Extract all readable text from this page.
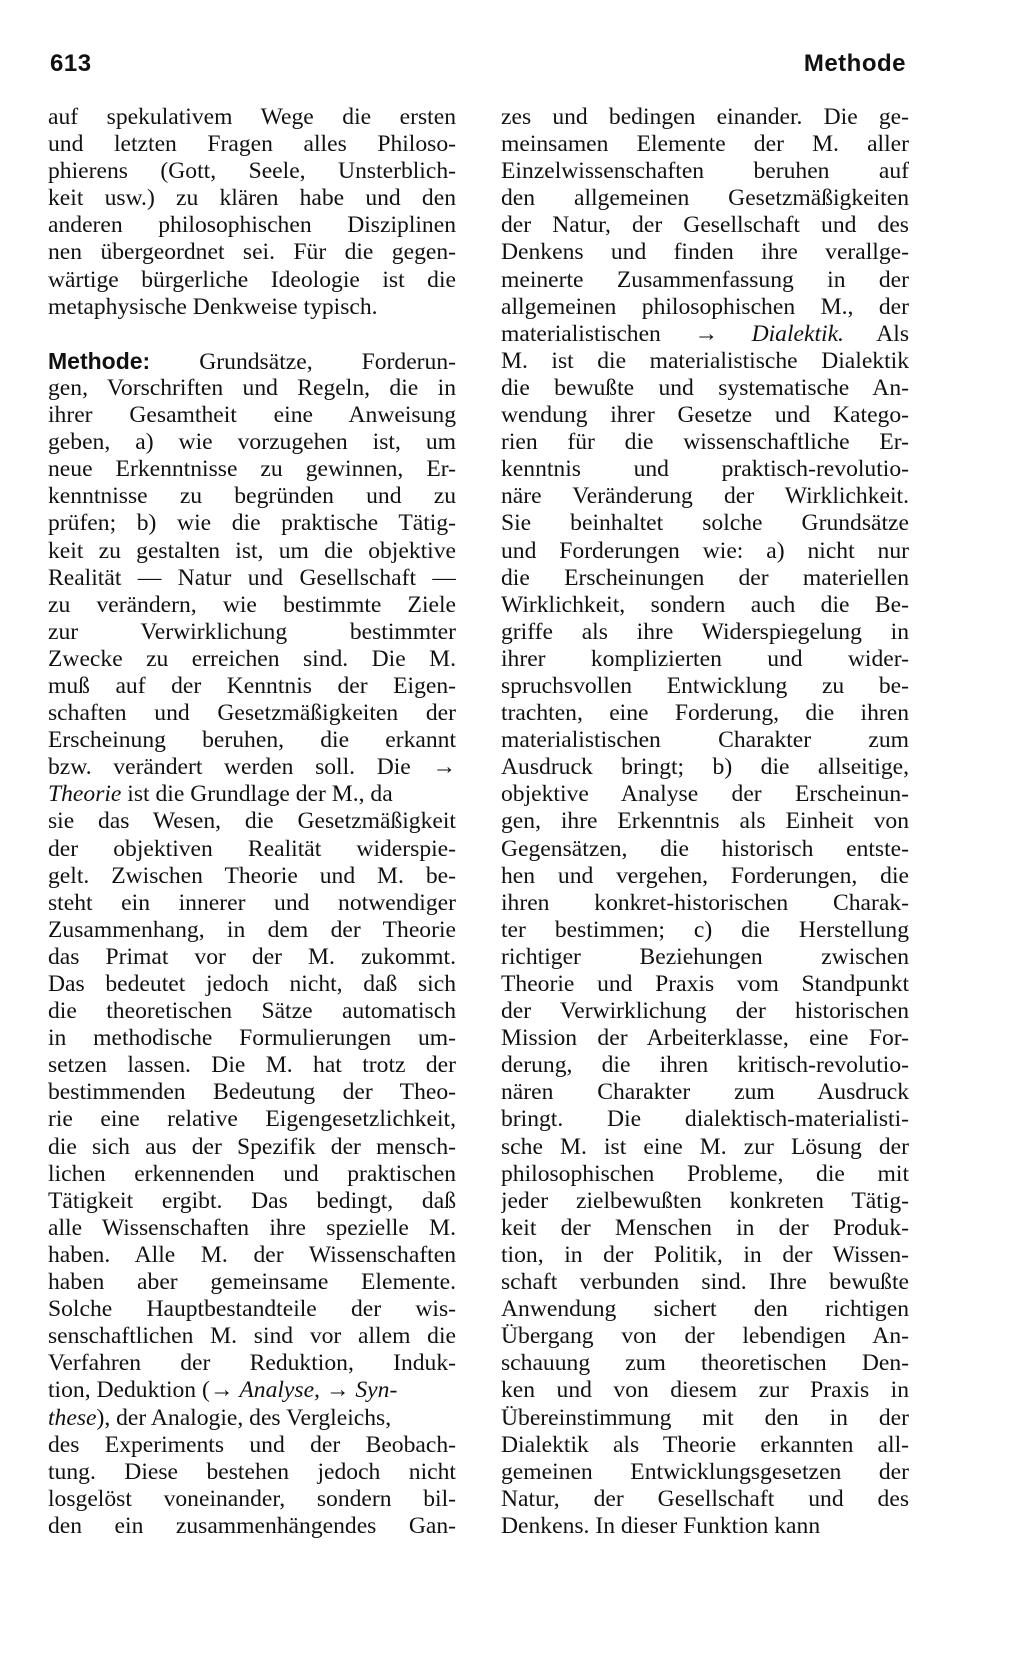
613	Methode
auf spekulativem Wege die ersten
und letzten Fragen alles Philoso-
phierens (Gott, Seele, Unsterblich-
keit usw.) zu klären habe und den
anderen philosophischen Disziplinen
nen übergeordnet sei. Für die gegen-
wärtige bürgerliche Ideologie ist die
metaphysische Denkweise typisch.
Methode: Grundsätze, Forderun-
gen, Vorschriften und Regeln, die in
ihrer Gesamtheit eine Anweisung
geben, a) wie vorzugehen ist, um
neue Erkenntnisse zu gewinnen, Er-
kenntnisse zu begründen und zu
prüfen; b) wie die praktische Tätig-
keit zu gestalten ist, um die objektive
Realität — Natur und Gesellschaft —
zu verändern, wie bestimmte Ziele
zur Verwirklichung bestimmter
Zwecke zu erreichen sind. Die M.
muß auf der Kenntnis der Eigen-
schaften und Gesetzmäßigkeiten der
Erscheinung beruhen, die erkannt
bzw. verändert werden soll. Die →
Theorie ist die Grundlage der M., da
sie das Wesen, die Gesetzmäßigkeit
der objektiven Realität widerspie-
gelt. Zwischen Theorie und M. be-
steht ein innerer und notwendiger
Zusammenhang, in dem der Theorie
das Primat vor der M. zukommt.
Das bedeutet jedoch nicht, daß sich
die theoretischen Sätze automatisch
in methodische Formulierungen um-
setzen lassen. Die M. hat trotz der
bestimmenden Bedeutung der Theo-
rie eine relative Eigengesetzlichkeit,
die sich aus der Spezifik der mensch-
lichen erkennenden und praktischen
Tätigkeit ergibt. Das bedingt, daß
alle Wissenschaften ihre spezielle M.
haben. Alle M. der Wissenschaften
haben aber gemeinsame Elemente.
Solche Hauptbestandteile der wis-
senschaftlichen M. sind vor allem die
Verfahren der Reduktion, Induk-
tion, Deduktion (→ Analyse, → Syn-
these), der Analogie, des Vergleichs,
des Experiments und der Beobach-
tung. Diese bestehen jedoch nicht
losgelöst voneinander, sondern bil-
den ein zusammenhängendes Gan-
zes und bedingen einander. Die ge-
meinsamen Elemente der M. aller
Einzelwissenschaften beruhen auf
den allgemeinen Gesetzmäßigkeiten
der Natur, der Gesellschaft und des
Denkens und finden ihre verallge-
meinerte Zusammenfassung in der
allgemeinen philosophischen M., der
materialistischen → Dialektik. Als
M. ist die materialistische Dialektik
die bewußte und systematische An-
wendung ihrer Gesetze und Katego-
rien für die wissenschaftliche Er-
kenntnis und praktisch-revolutio-
näre Veränderung der Wirklichkeit.
Sie beinhaltet solche Grundsätze
und Forderungen wie: a) nicht nur
die Erscheinungen der materiellen
Wirklichkeit, sondern auch die Be-
griffe als ihre Widerspiegelung in
ihrer komplizierten und wider-
spruchsvollen Entwicklung zu be-
trachten, eine Forderung, die ihren
materialistischen Charakter zum
Ausdruck bringt; b) die allseitige,
objektive Analyse der Erscheinun-
gen, ihre Erkenntnis als Einheit von
Gegensätzen, die historisch entste-
hen und vergehen, Forderungen, die
ihren konkret-historischen Charak-
ter bestimmen; c) die Herstellung
richtiger Beziehungen zwischen
Theorie und Praxis vom Standpunkt
der Verwirklichung der historischen
Mission der Arbeiterklasse, eine For-
derung, die ihren kritisch-revolutio-
nären Charakter zum Ausdruck
bringt. Die dialektisch-materialisti-
sche M. ist eine M. zur Lösung der
philosophischen Probleme, die mit
jeder zielbewußten konkreten Tätig-
keit der Menschen in der Produk-
tion, in der Politik, in der Wissen-
schaft verbunden sind. Ihre bewußte
Anwendung sichert den richtigen
Übergang von der lebendigen An-
schauung zum theoretischen Den-
ken und von diesem zur Praxis in
Übereinstimmung mit den in der
Dialektik als Theorie erkannten all-
gemeinen Entwicklungsgesetzen der
Natur, der Gesellschaft und des
Denkens. In dieser Funktion kann
